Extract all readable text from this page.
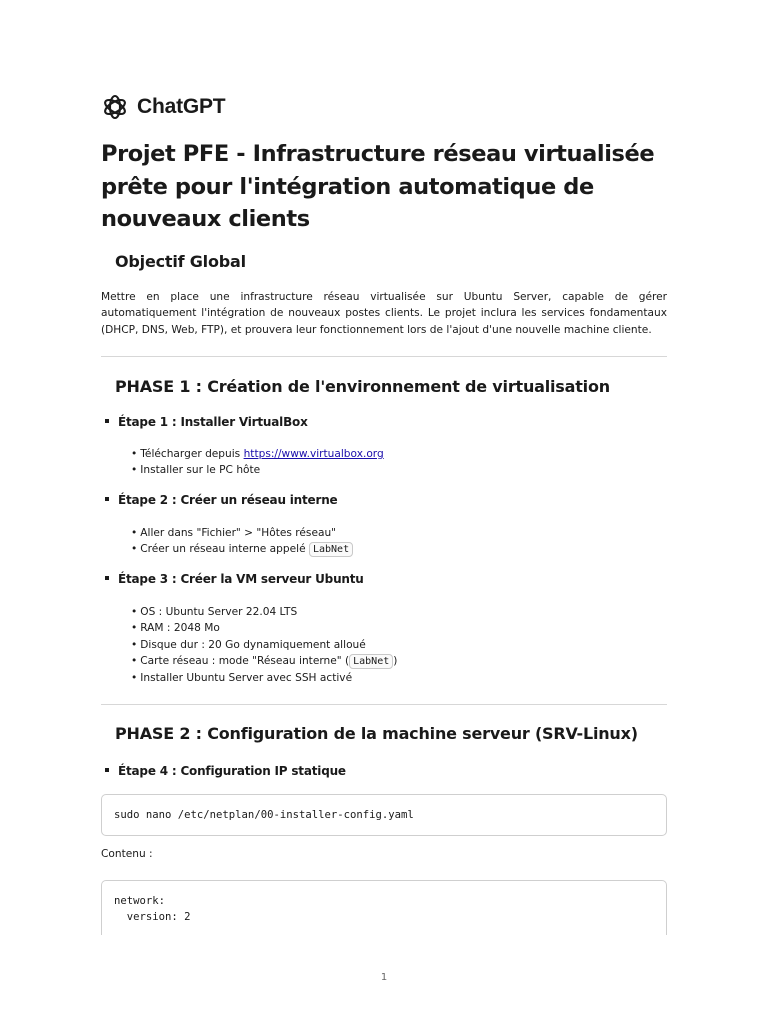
ChatGPT
Projet PFE - Infrastructure réseau virtualisée prête pour l'intégration automatique de nouveaux clients
Objectif Global

Mettre en place une infrastructure réseau virtualisée sur Ubuntu Server, capable de gérer automatiquement l'intégration de nouveaux postes clients. Le projet inclura les services fondamentaux (DHCP, DNS, Web, FTP), et prouvera leur fonctionnement lors de l'ajout d'une nouvelle machine cliente.

PHASE 1 : Création de l'environnement de virtualisation
Étape 1 : Installer VirtualBox
• Télécharger depuis https://www.virtualbox.org
• Installer sur le PC hôte
Étape 2 : Créer un réseau interne
• Aller dans "Fichier" > "Hôtes réseau"
• Créer un réseau interne appelé LabNet
Étape 3 : Créer la VM serveur Ubuntu
• OS : Ubuntu Server 22.04 LTS
• RAM : 2048 Mo
• Disque dur : 20 Go dynamiquement alloué
• Carte réseau : mode "Réseau interne" ( LabNet )
• Installer Ubuntu Server avec SSH activé
PHASE 2 : Configuration de la machine serveur (SRV-Linux)
Étape 4 : Configuration IP statique
sudo nano /etc/netplan/00-installer-config.yaml

Contenu :

network:
version: 2
1
